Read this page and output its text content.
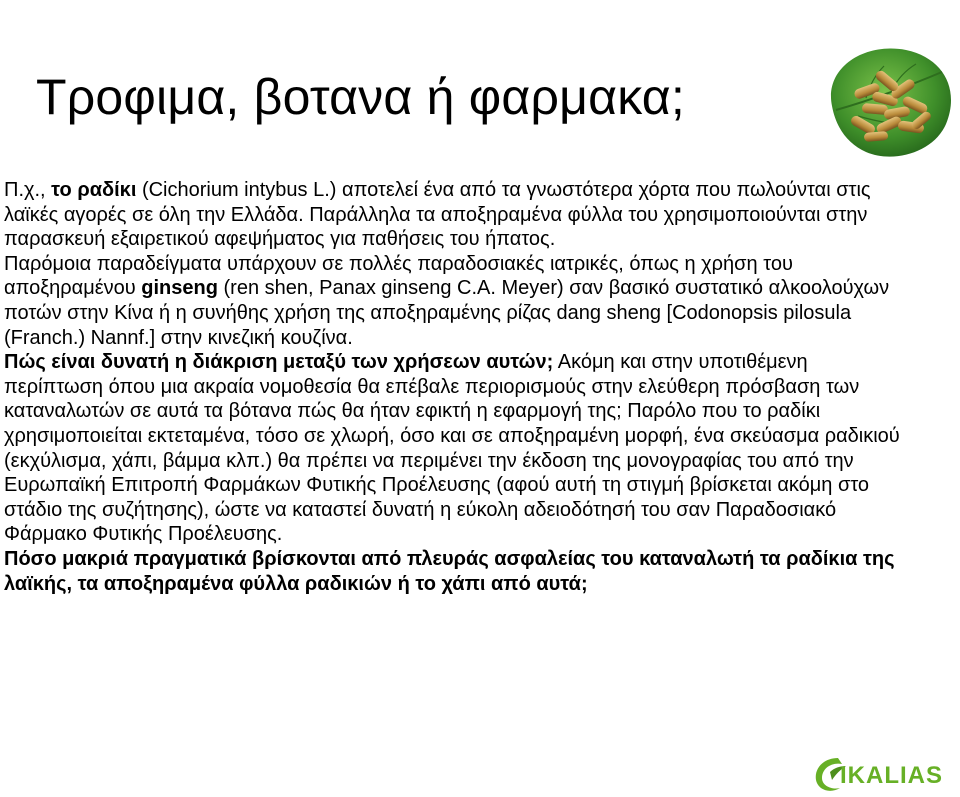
Τροφιμα, βοτανα ή φαρμακα;

Π.χ., το ραδίκι (Cichorium intybus L.) αποτελεί ένα από τα γνωστότερα χόρτα που πωλούνται στις λαϊκές αγορές σε όλη την Ελλάδα. Παράλληλα τα αποξηραμένα φύλλα του χρησιμοποιούνται στην παρασκευή εξαιρετικού αφεψήματος για παθήσεις του ήπατος.

Παρόμοια παραδείγματα υπάρχουν σε πολλές παραδοσιακές ιατρικές, όπως η χρήση του αποξηραμένου ginseng (ren shen, Panax ginseng C.A. Meyer) σαν βασικό συστατικό αλκοολούχων ποτών στην Κίνα ή η συνήθης χρήση της αποξηραμένης ρίζας dang sheng [Codonopsis pilosula (Franch.) Nannf.] στην κινεζική κουζίνα.

Πώς είναι δυνατή η διάκριση μεταξύ των χρήσεων αυτών; Ακόμη και στην υποτιθέμενη περίπτωση όπου μια ακραία νομοθεσία θα επέβαλε περιορισμούς στην ελεύθερη πρόσβαση των καταναλωτών σε αυτά τα βότανα πώς θα ήταν εφικτή η εφαρμογή της; Παρόλο που το ραδίκι χρησιμοποιείται εκτεταμένα, τόσο σε χλωρή, όσο και σε αποξηραμένη μορφή, ένα σκεύασμα ραδικιού (εκχύλισμα, χάπι, βάμμα κλπ.) θα πρέπει να περιμένει την έκδοση της μονογραφίας του από την Ευρωπαϊκή Επιτροπή Φαρμάκων Φυτικής Προέλευσης (αφού αυτή τη στιγμή βρίσκεται ακόμη στο στάδιο της συζήτησης), ώστε να καταστεί δυνατή η εύκολη αδειοδότησή του σαν Παραδοσιακό Φάρμακο Φυτικής Προέλευσης.

Πόσο μακριά πραγματικά βρίσκονται από πλευράς ασφαλείας του καταναλωτή τα ραδίκια της λαϊκής, τα αποξηραμένα φύλλα ραδικιών ή το χάπι από αυτά;

IKALIAS
